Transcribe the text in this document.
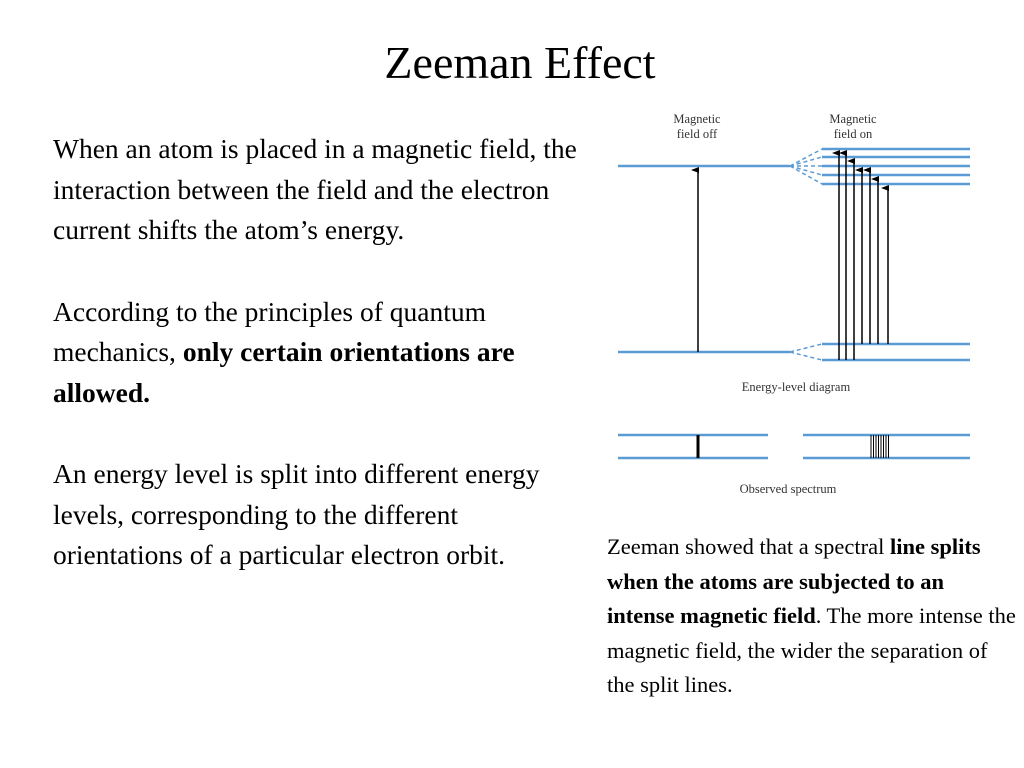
Zeeman Effect

When an atom is placed in a magnetic field, the interaction between the field and the electron current shifts the atom’s energy.

According to the principles of quantum mechanics, only certain orientations are allowed.

An energy level is split into different energy levels, corresponding to the different orientations of a particular electron orbit.

Magnetic
field off
Magnetic
field on
Energy-level diagram
Observed spectrum
Zeeman showed that a spectral line splits when the atoms are subjected to an intense magnetic field. The more intense the magnetic field, the wider the separation of the split lines.
